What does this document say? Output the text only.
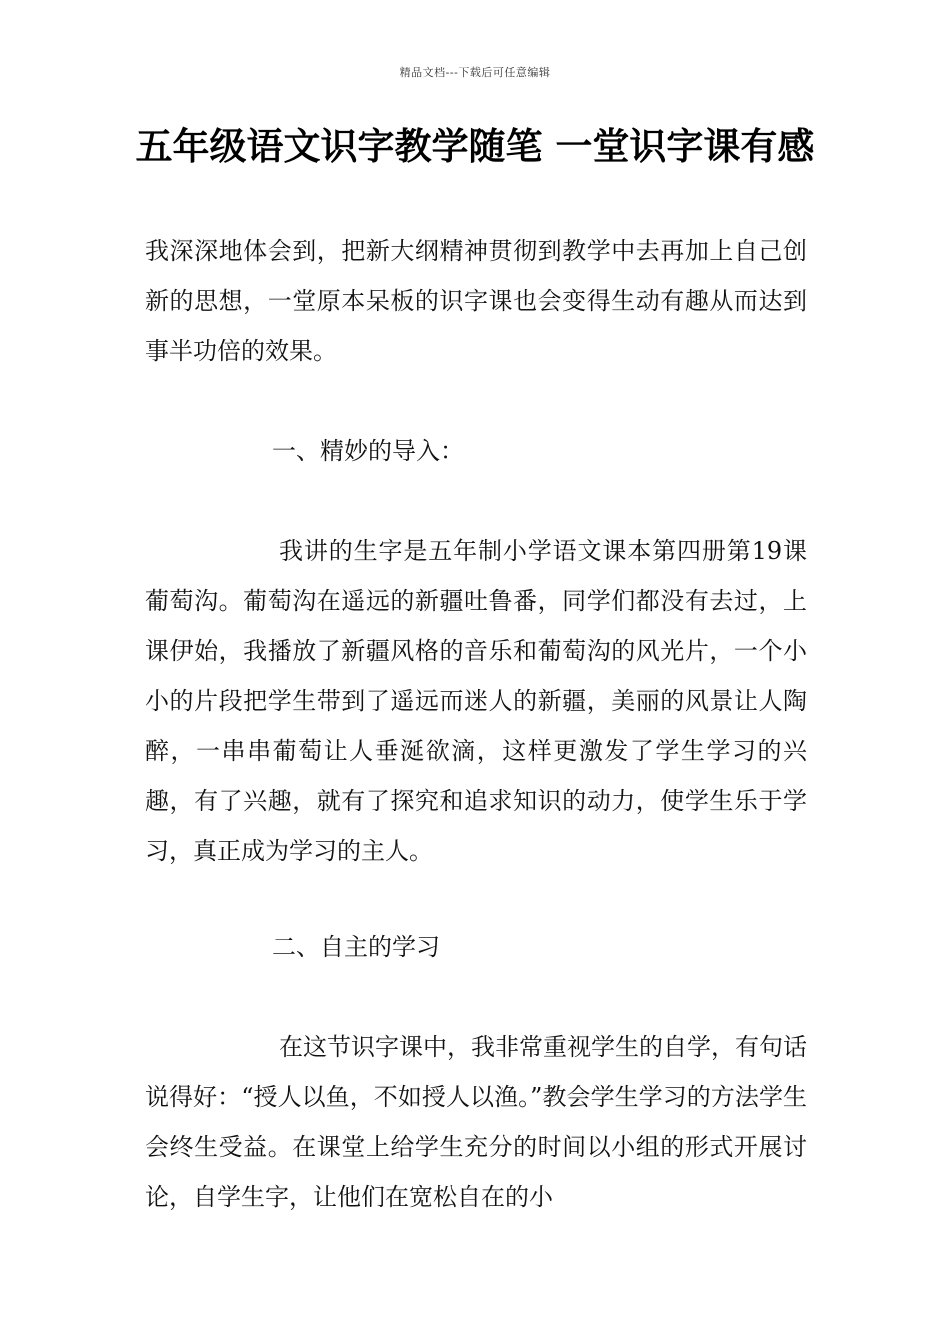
精品文档---下载后可任意编辑
五年级语文识字教学随笔 一堂识字课有感

我深深地体会到，把新大纲精神贯彻到教学中去再加上自己创新的思想，一堂原本呆板的识字课也会变得生动有趣从而达到事半功倍的效果。

一、精妙的导入：

我讲的生字是五年制小学语文课本第四册第19课葡萄沟。葡萄沟在遥远的新疆吐鲁番，同学们都没有去过，上课伊始，我播放了新疆风格的音乐和葡萄沟的风光片，一个小小的片段把学生带到了遥远而迷人的新疆，美丽的风景让人陶醉，一串串葡萄让人垂涎欲滴，这样更激发了学生学习的兴趣，有了兴趣，就有了探究和追求知识的动力，使学生乐于学习，真正成为学习的主人。

二、自主的学习

在这节识字课中，我非常重视学生的自学，有句话说得好：“授人以鱼，不如授人以渔。”教会学生学习的方法学生会终生受益。在课堂上给学生充分的时间以小组的形式开展讨论，自学生字，让他们在宽松自在的小
